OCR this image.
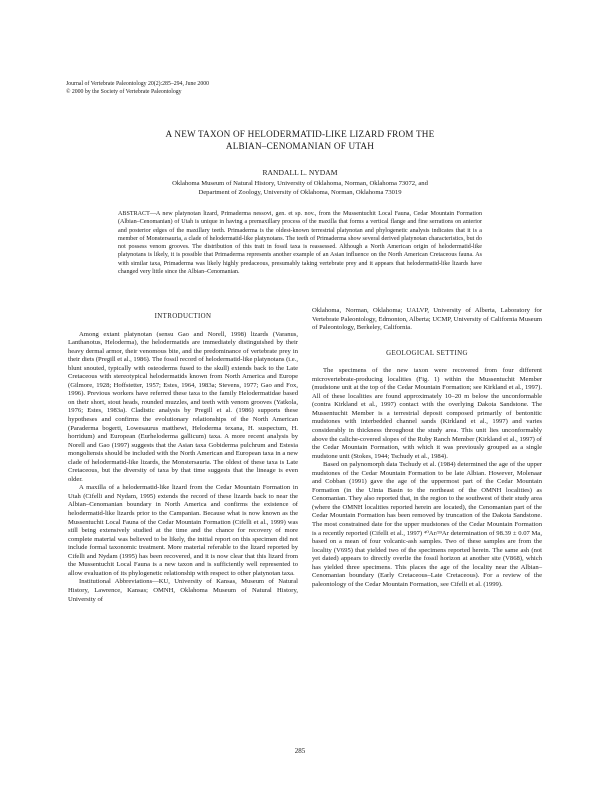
Journal of Vertebrate Paleontology 20(2):285–294, June 2000
© 2000 by the Society of Vertebrate Paleontology
A NEW TAXON OF HELODERMATID-LIKE LIZARD FROM THE
ALBIAN–CENOMANIAN OF UTAH
RANDALL L. NYDAM
Oklahoma Museum of Natural History, University of Oklahoma, Norman, Oklahoma 73072, and
Department of Zoology, University of Oklahoma, Norman, Oklahoma 73019
ABSTRACT—A new platynotan lizard, Primaderma nessovi, gen. et sp. nov., from the Mussentuchit Local Fauna, Cedar Mountain Formation (Albian–Cenomanian) of Utah is unique in having a premaxillary process of the maxilla that forms a vertical flange and fine serrations on anterior and posterior edges of the maxillary teeth. Primaderma is the oldest-known terrestrial platynotan and phylogenetic analysis indicates that it is a member of Monstersauria, a clade of helodermatid-like platynotans. The teeth of Primaderma show several derived platynotan characteristics, but do not possess venom grooves. The distribution of this trait in fossil taxa is reassessed. Although a North American origin of helodermatid-like platynotans is likely, it is possible that Primaderma represents another example of an Asian influence on the North American Cretaceous fauna. As with similar taxa, Primaderma was likely highly predaceous, presumably taking vertebrate prey and it appears that helodermatid-like lizards have changed very little since the Albian–Cenomanian.
INTRODUCTION

Among extant platynotan (sensu Gao and Norell, 1998) lizards (Varanus, Lanthanotus, Heloderma), the helodermatids are immediately distinguished by their heavy dermal armor, their venomous bite, and the predominance of vertebrate prey in their diets (Pregill et al., 1986). The fossil record of helodermatid-like platynotans (i.e., blunt snouted, typically with osteoderms fused to the skull) extends back to the Late Cretaceous with stereotypical helodermatids known from North America and Europe (Gilmore, 1928; Hoffstetter, 1957; Estes, 1964, 1983a; Stevens, 1977; Gao and Fox, 1996). Previous workers have referred these taxa to the family Helodermatidae based on their short, stout heads, rounded muzzles, and teeth with venom grooves (Yatkola, 1976; Estes, 1983a). Cladistic analysis by Pregill et al. (1986) supports these hypotheses and confirms the evolutionary relationships of the North American (Paraderma bogerti, Lowesaurus matthewi, Heloderma texana, H. suspectum, H. horridum) and European (Eurheloderma gallicum) taxa. A more recent analysis by Norell and Gao (1997) suggests that the Asian taxa Gobiderma pulchrum and Estesia mongoliensis should be included with the North American and European taxa in a new clade of helodermatid-like lizards, the Monstersauria. The oldest of these taxa is Late Cretaceous, but the diversity of taxa by that time suggests that the lineage is even older.

A maxilla of a helodermatid-like lizard from the Cedar Mountain Formation in Utah (Cifelli and Nydam, 1995) extends the record of these lizards back to near the Albian–Cenomanian boundary in North America and confirms the existence of helodermatid-like lizards prior to the Campanian. Because what is now known as the Mussentuchit Local Fauna of the Cedar Mountain Formation (Cifelli et al., 1999) was still being extensively studied at the time and the chance for recovery of more complete material was believed to be likely, the initial report on this specimen did not include formal taxonomic treatment. More material referable to the lizard reported by Cifelli and Nydam (1995) has been recovered, and it is now clear that this lizard from the Mussentuchit Local Fauna is a new taxon and is sufficiently well represented to allow evaluation of its phylogenetic relationship with respect to other platynotan taxa.

Institutional Abbreviations—KU, University of Kansas, Museum of Natural History, Lawrence, Kansas; OMNH, Oklahoma Museum of Natural History, University of

Oklahoma, Norman, Oklahoma; UALVP, University of Alberta, Laboratory for Vertebrate Paleontology, Edmonton, Alberta; UCMP, University of California Museum of Paleontology, Berkeley, California.

GEOLOGICAL SETTING

The specimens of the new taxon were recovered from four different microvertebrate-producing localities (Fig. 1) within the Mussentuchit Member (mudstone unit at the top of the Cedar Mountain Formation; see Kirkland et al., 1997). All of these localities are found approximately 10–20 m below the unconformable (contra Kirkland et al., 1997) contact with the overlying Dakota Sandstone. The Mussentuchit Member is a terrestrial deposit composed primarily of bentonitic mudstones with interbedded channel sands (Kirkland et al., 1997) and varies considerably in thickness throughout the study area. This unit lies unconformably above the caliche-covered slopes of the Ruby Ranch Member (Kirkland et al., 1997) of the Cedar Mountain Formation, with which it was previously grouped as a single mudstone unit (Stokes, 1944; Tschudy et al., 1984).

Based on palynomorph data Tschudy et al. (1984) determined the age of the upper mudstones of the Cedar Mountain Formation to be late Albian. However, Molenaar and Cobban (1991) gave the age of the uppermost part of the Cedar Mountain Formation (in the Uinta Basin to the northeast of the OMNH localities) as Cenomanian. They also reported that, in the region to the southwest of their study area (where the OMNH localities reported herein are located), the Cenomanian part of the Cedar Mountain Formation has been removed by truncation of the Dakota Sandstone. The most constrained date for the upper mudstones of the Cedar Mountain Formation is a recently reported (Cifelli et al., 1997) ⁴⁰Ar/³⁹Ar determination of 98.39 ± 0.07 Ma, based on a mean of four volcanic-ash samples. Two of these samples are from the locality (V695) that yielded two of the specimens reported herein. The same ash (not yet dated) appears to directly overlie the fossil horizon at another site (V868), which has yielded three specimens. This places the age of the locality near the Albian–Cenomanian boundary (Early Cretaceous–Late Cretaceous). For a review of the paleontology of the Cedar Mountain Formation, see Cifelli et al. (1999).

285
